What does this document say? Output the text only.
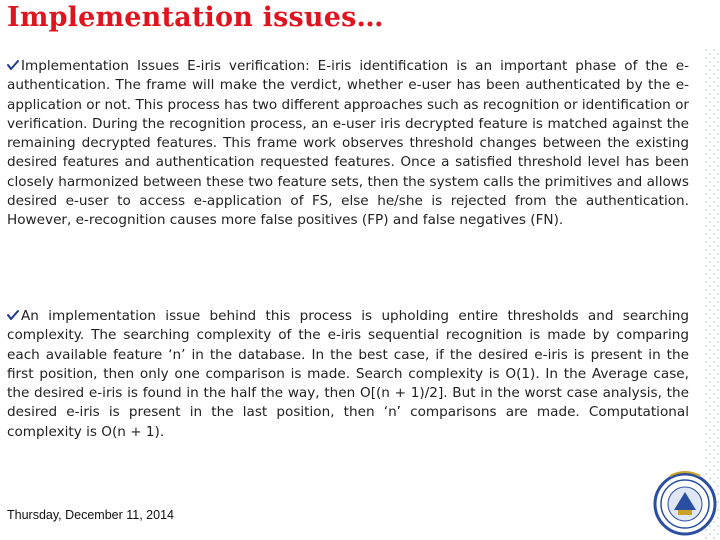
Implementation issues…

Implementation Issues E-iris verification: E-iris identification is an important phase of the e-authentication. The frame will make the verdict, whether e-user has been authenticated by the e-application or not. This process has two different approaches such as recognition or identification or verification. During the recognition process, an e-user iris decrypted feature is matched against the remaining decrypted features. This frame work observes threshold changes between the existing desired features and authentication requested features. Once a satisfied threshold level has been closely harmonized between these two feature sets, then the system calls the primitives and allows desired e-user to access e-application of FS, else he/she is rejected from the authentication. However, e-recognition causes more false positives (FP) and false negatives (FN).

An implementation issue behind this process is upholding entire thresholds and searching complexity. The searching complexity of the e-iris sequential recognition is made by comparing each available feature ‘n’ in the database. In the best case, if the desired e-iris is present in the first position, then only one comparison is made. Search complexity is O(1). In the Average case, the desired e-iris is found in the half the way, then O[(n + 1)/2]. But in the worst case analysis, the desired e-iris is present in the last position, then ‘n’ comparisons are made. Computational complexity is O(n + 1).

Thursday, December 11, 2014
